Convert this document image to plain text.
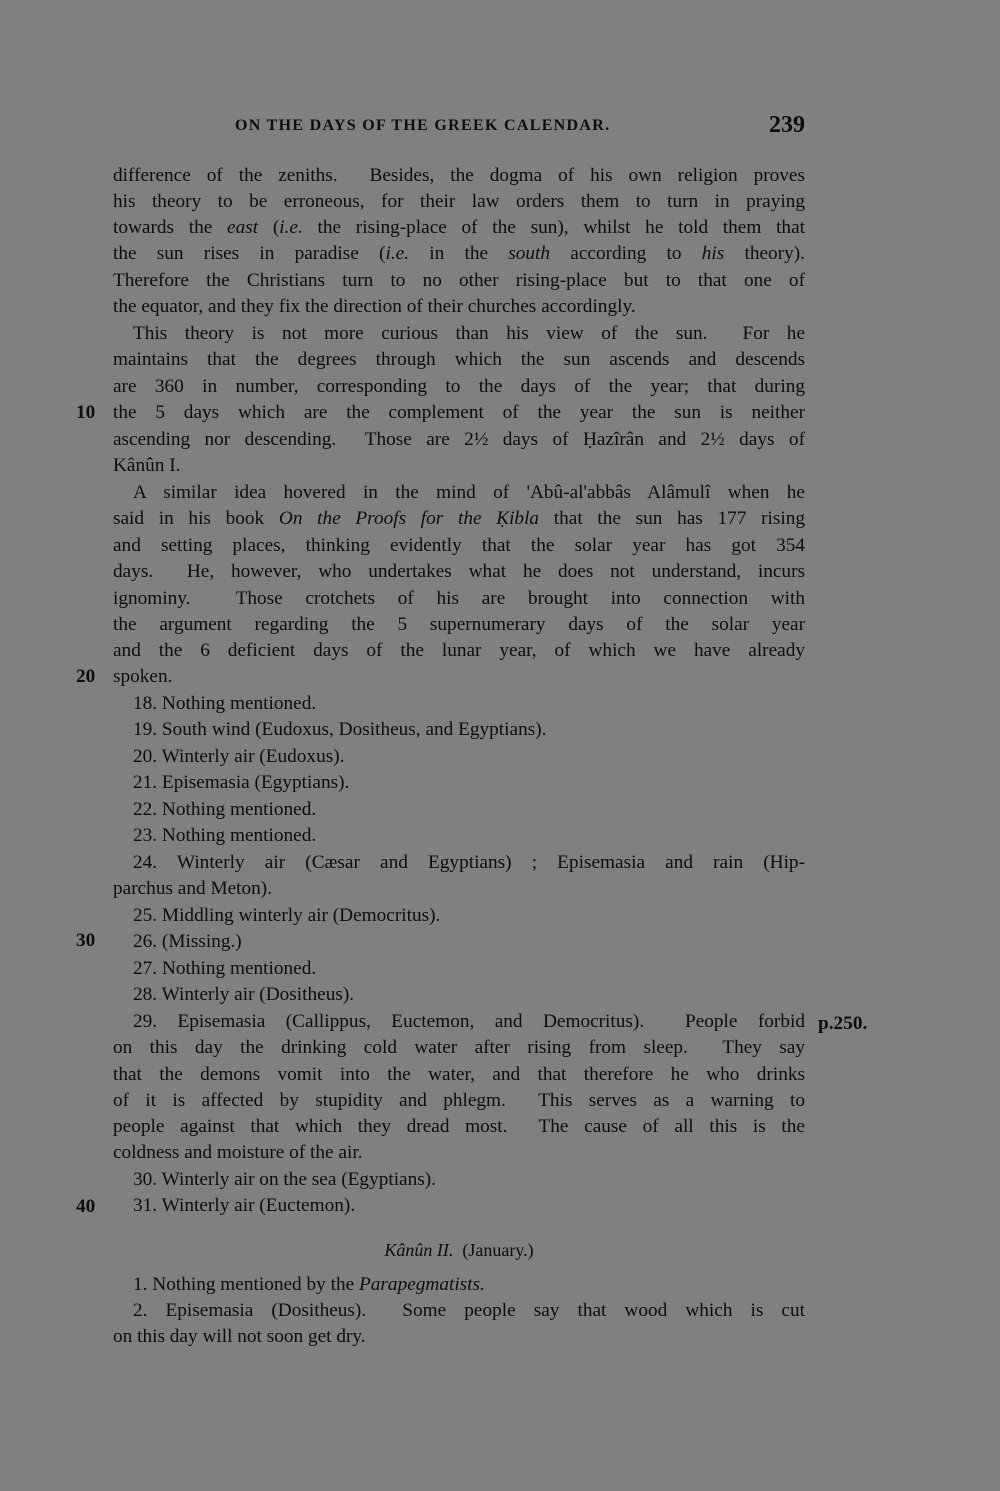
ON THE DAYS OF THE GREEK CALENDAR.	239
difference of the zeniths.  Besides, the dogma of his own religion proves
his theory to be erroneous, for their law orders them to turn in praying
towards the east (i.e. the rising-place of the sun), whilst he told them that
the sun rises in paradise (i.e. in the south according to his theory).
Therefore the Christians turn to no other rising-place but to that one of
the equator, and they fix the direction of their churches accordingly.
This theory is not more curious than his view of the sun.  For he
maintains that the degrees through which the sun ascends and descends
are 360 in number, corresponding to the days of the year; that during
the 5 days which are the complement of the year the sun is neither
ascending nor descending.  Those are 2½ days of Ḥazîrân and 2½ days of
Kânûn I.
A similar idea hovered in the mind of 'Abû-al'abbâs Alâmulî when he
said in his book On the Proofs for the Ḳibla that the sun has 177 rising
and setting places, thinking evidently that the solar year has got 354
days.  He, however, who undertakes what he does not understand, incurs
ignominy.  Those crotchets of his are brought into connection with
the argument regarding the 5 supernumerary days of the solar year
and the 6 deficient days of the lunar year, of which we have already
spoken.
18. Nothing mentioned.
19. South wind (Eudoxus, Dositheus, and Egyptians).
20. Winterly air (Eudoxus).
21. Episemasia (Egyptians).
22. Nothing mentioned.
23. Nothing mentioned.
24. Winterly air (Cæsar and Egyptians) ; Episemasia and rain (Hip-
parchus and Meton).
25. Middling winterly air (Democritus).
26. (Missing.)
27. Nothing mentioned.
28. Winterly air (Dositheus).
29. Episemasia (Callippus, Euctemon, and Democritus).  People forbid
on this day the drinking cold water after rising from sleep.  They say
that the demons vomit into the water, and that therefore he who drinks
of it is affected by stupidity and phlegm.  This serves as a warning to
people against that which they dread most.  The cause of all this is the
coldness and moisture of the air.
30. Winterly air on the sea (Egyptians).
31. Winterly air (Euctemon).
Kânûn II.  (January.)
1. Nothing mentioned by the Parapegmatists.
2. Episemasia (Dositheus).  Some people say that wood which is cut
on this day will not soon get dry.
10
20
30
40
p.250.
